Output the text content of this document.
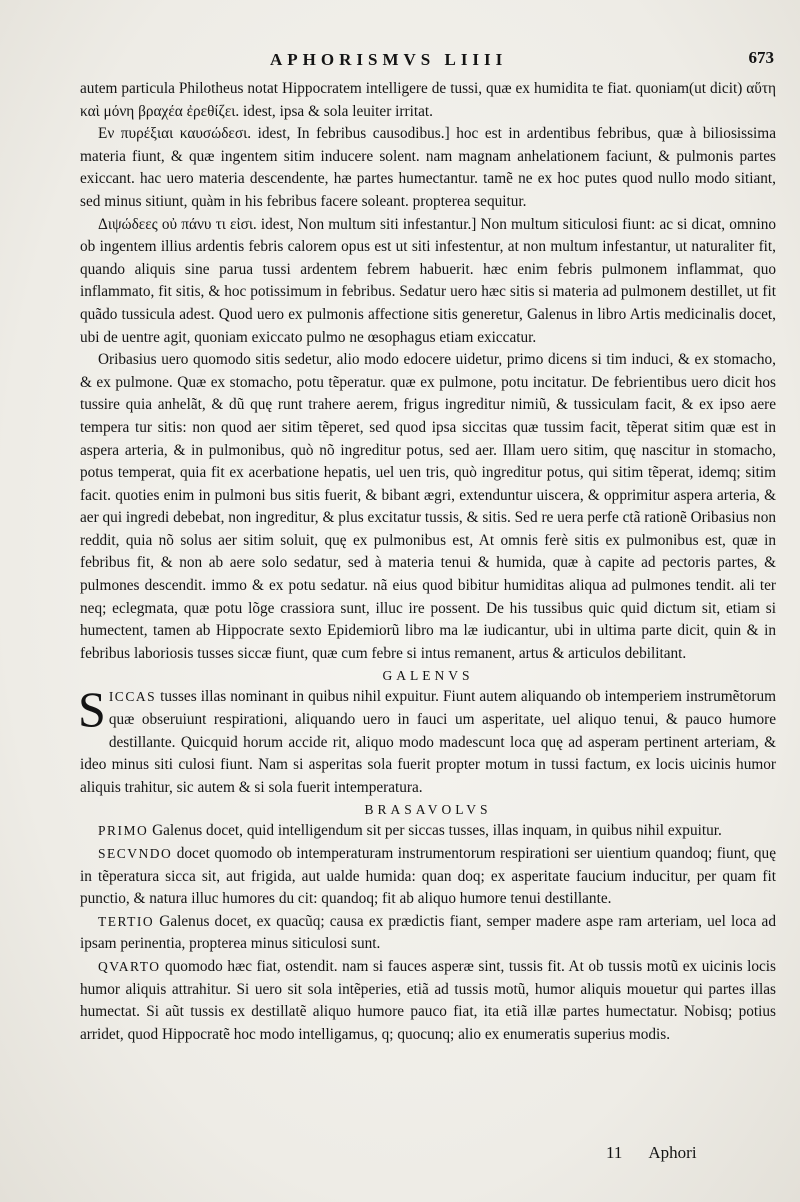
APHORISMVS LIIII	673

autem particula Philotheus notat Hippocratem intelligere de tussi, quæ ex humidita te fiat. quoniam(ut dicit) αὕτη καὶ μόνη βραχέα ἐρεθίζει. idest, ipsa & sola leuiter irritat.

Εν πυρέξιαι καυσώδεσι. idest, In febribus causodibus.] hoc est in ardentibus febribus, quæ à biliosissima materia fiunt, & quæ ingentem sitim inducere solent. nam magnam anhelationem faciunt, & pulmonis partes exiccant. hac uero materia descendente, hæ partes humectantur. tamẽ ne ex hoc putes quod nullo modo sitiant, sed minus sitiunt, quàm in his febribus facere soleant. propterea sequitur.

Διψώδεες οὐ πάνυ τι εἰσι. idest, Non multum siti infestantur.] Non multum siticulosi fiunt: ac si dicat, omnino ob ingentem illius ardentis febris calorem opus est ut siti infestentur, at non multum infestantur, ut naturaliter fit, quando aliquis sine parua tussi ardentem febrem habuerit. hæc enim febris pulmonem inflammat, quo inflammato, fit sitis, & hoc potissimum in febribus. Sedatur uero hæc sitis si materia ad pulmonem destillet, ut fit quãdo tussicula adest. Quod uero ex pulmonis affectione sitis generetur, Galenus in libro Artis medicinalis docet, ubi de uentre agit, quoniam exiccato pulmo ne œsophagus etiam exiccatur.

Oribasius uero quomodo sitis sedetur, alio modo edocere uidetur, primo dicens si tim induci, & ex stomacho, & ex pulmone. Quæ ex stomacho, potu tẽperatur. quæ ex pulmone, potu incitatur. De febrientibus uero dicit hos tussire quia anhelãt, & dũ quę runt trahere aerem, frigus ingreditur nimiũ, & tussiculam facit, & ex ipso aere tempera tur sitis: non quod aer sitim tẽperet, sed quod ipsa siccitas quæ tussim facit, tẽperat sitim quæ est in aspera arteria, & in pulmonibus, quò nõ ingreditur potus, sed aer. Illam uero sitim, quę nascitur in stomacho, potus temperat, quia fit ex acerbatione hepatis, uel uen tris, quò ingreditur potus, qui sitim tẽperat, idemq; sitim facit. quoties enim in pulmoni bus sitis fuerit, & bibant ægri, extenduntur uiscera, & opprimitur aspera arteria, & aer qui ingredi debebat, non ingreditur, & plus excitatur tussis, & sitis. Sed re uera perfe ctã rationẽ Oribasius non reddit, quia nõ solus aer sitim soluit, quę ex pulmonibus est, At omnis ferè sitis ex pulmonibus est, quæ in febribus fit, & non ab aere solo sedatur, sed à materia tenui & humida, quæ à capite ad pectoris partes, & pulmones descendit. immo & ex potu sedatur. nã eius quod bibitur humiditas aliqua ad pulmones tendit. ali ter neq; eclegmata, quæ potu lõge crassiora sunt, illuc ire possent. De his tussibus quic quid dictum sit, etiam si humectent, tamen ab Hippocrate sexto Epidemiorũ libro ma læ iudicantur, ubi in ultima parte dicit, quin & in febribus laboriosis tusses siccæ fiunt, quæ cum febre si intus remanent, artus & articulos debilitant.

GALENVS
SICCAS tusses illas nominant in quibus nihil expuitur. Fiunt autem aliquando ob intemperiem instrumẽtorum quæ obseruiunt respirationi, aliquando uero in fauci um asperitate, uel aliquo tenui, & pauco humore destillante. Quicquid horum accide rit, aliquo modo madescunt loca quę ad asperam pertinent arteriam, & ideo minus siti culosi fiunt. Nam si asperitas sola fuerit propter motum in tussi factum, ex locis uicinis humor aliquis trahitur, sic autem & si sola fuerit intemperatura.
BRASAVOLVS

PRIMO Galenus docet, quid intelligendum sit per siccas tusses, illas inquam, in quibus nihil expuitur.

SECVNDO docet quomodo ob intemperaturam instrumentorum respirationi ser uientium quandoq; fiunt, quę in tẽperatura sicca sit, aut frigida, aut ualde humida: quan doq; ex asperitate faucium inducitur, per quam fit punctio, & natura illuc humores du cit: quandoq; fit ab aliquo humore tenui destillante.

TERTIO Galenus docet, ex quacũq; causa ex prædictis fiant, semper madere aspe ram arteriam, uel loca ad ipsam perinentia, propterea minus siticulosi sunt.

QVARTO quomodo hæc fiat, ostendit. nam si fauces asperæ sint, tussis fit. At ob tussis motũ ex uicinis locis humor aliquis attrahitur. Si uero sit sola intẽperies, etiã ad tussis motũ, humor aliquis mouetur qui partes illas humectat. Si aũt tussis ex destillatẽ aliquo humore pauco fiat, ita etiã illæ partes humectatur. Nobisq; potius arridet, quod Hippocratẽ hoc modo intelligamus, q; quocunq; alio ex enumeratis superius modis.

11 Aphori
